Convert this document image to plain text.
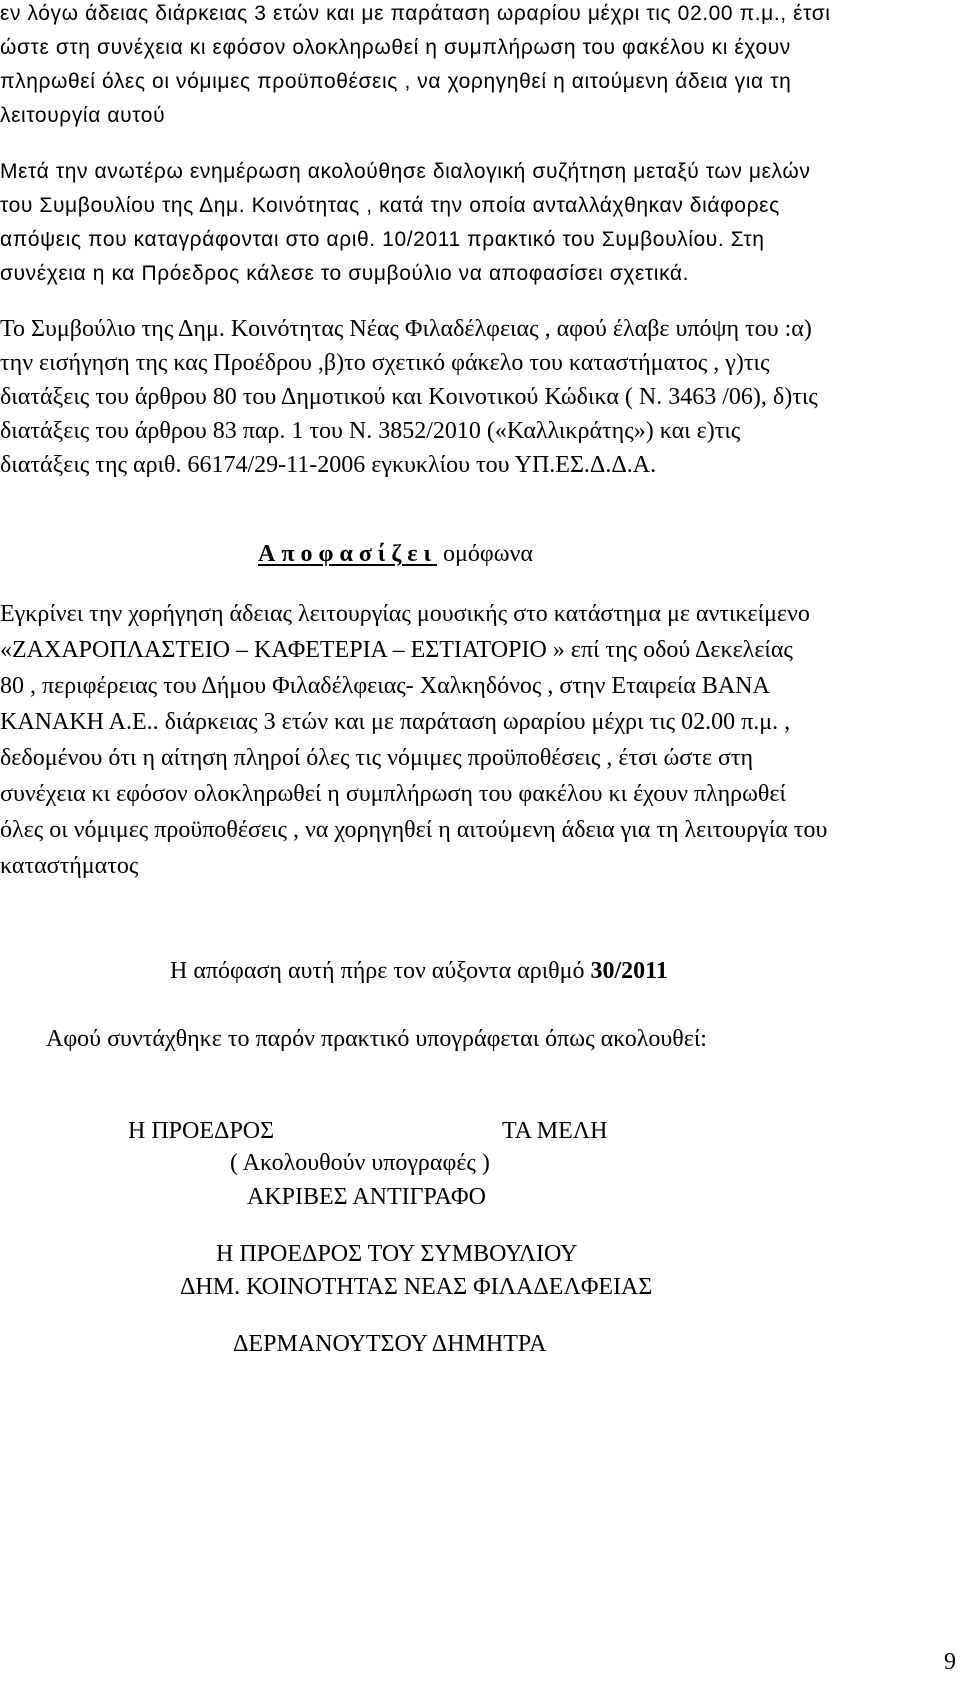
εν λόγω άδειας διάρκειας 3 ετών και με παράταση ωραρίου μέχρι τις 02.00 π.μ., έτσι
ώστε στη συνέχεια κι εφόσον ολοκληρωθεί η συμπλήρωση του φακέλου κι έχουν
πληρωθεί όλες οι νόμιμες προϋποθέσεις , να χορηγηθεί η αιτούμενη άδεια για τη
λειτουργία αυτού
Μετά την ανωτέρω ενημέρωση ακολούθησε διαλογική συζήτηση μεταξύ των μελών
του Συμβουλίου της Δημ. Κοινότητας , κατά την οποία ανταλλάχθηκαν διάφορες
απόψεις που καταγράφονται στο αριθ. 10/2011 πρακτικό του Συμβουλίου. Στη
συνέχεια η κα Πρόεδρος κάλεσε το συμβούλιο να αποφασίσει σχετικά.
Το Συμβούλιο της Δημ. Κοινότητας Νέας Φιλαδέλφειας , αφού έλαβε υπόψη του :α)
την εισήγηση της κας Προέδρου ,β)το σχετικό φάκελο του καταστήματος , γ)τις
διατάξεις του άρθρου 80 του Δημοτικού και Κοινοτικού Κώδικα ( Ν. 3463 /06), δ)τις
διατάξεις του άρθρου 83 παρ. 1 του Ν. 3852/2010 («Καλλικράτης») και ε)τις
διατάξεις της αριθ. 66174/29-11-2006 εγκυκλίου του ΥΠ.ΕΣ.Δ.Δ.Α.
Αποφασίζει ομόφωνα
Εγκρίνει την χορήγηση άδειας λειτουργίας μουσικής στο κατάστημα με αντικείμενο
«ΖΑΧΑΡΟΠΛΑΣΤΕΙΟ – ΚΑΦΕΤΕΡΙΑ – ΕΣΤΙΑΤΟΡΙΟ » επί της οδού Δεκελείας
80 , περιφέρειας του Δήμου Φιλαδέλφειας- Χαλκηδόνος , στην Εταιρεία ΒΑΝΑ
ΚΑΝΑΚΗ Α.Ε.. διάρκειας 3 ετών και με παράταση ωραρίου μέχρι τις 02.00 π.μ. ,
δεδομένου ότι η αίτηση πληροί όλες τις νόμιμες προϋποθέσεις , έτσι ώστε στη
συνέχεια κι εφόσον ολοκληρωθεί η συμπλήρωση του φακέλου κι έχουν πληρωθεί
όλες οι νόμιμες προϋποθέσεις , να χορηγηθεί η αιτούμενη άδεια για τη λειτουργία του
καταστήματος
Η απόφαση αυτή πήρε τον αύξοντα αριθμό 30/2011
Αφού συντάχθηκε το παρόν πρακτικό υπογράφεται όπως ακολουθεί:
Η ΠΡΟΕΔΡΟΣ	ΤΑ ΜΕΛΗ
( Ακολουθούν υπογραφές )
ΑΚΡΙΒΕΣ ΑΝΤΙΓΡΑΦΟ
Η ΠΡΟΕΔΡΟΣ ΤΟΥ ΣΥΜΒΟΥΛΙΟΥ
ΔΗΜ. ΚΟΙΝΟΤΗΤΑΣ ΝΕΑΣ ΦΙΛΑΔΕΛΦΕΙΑΣ
ΔΕΡΜΑΝΟΥΤΣΟΥ ΔΗΜΗΤΡΑ
9
